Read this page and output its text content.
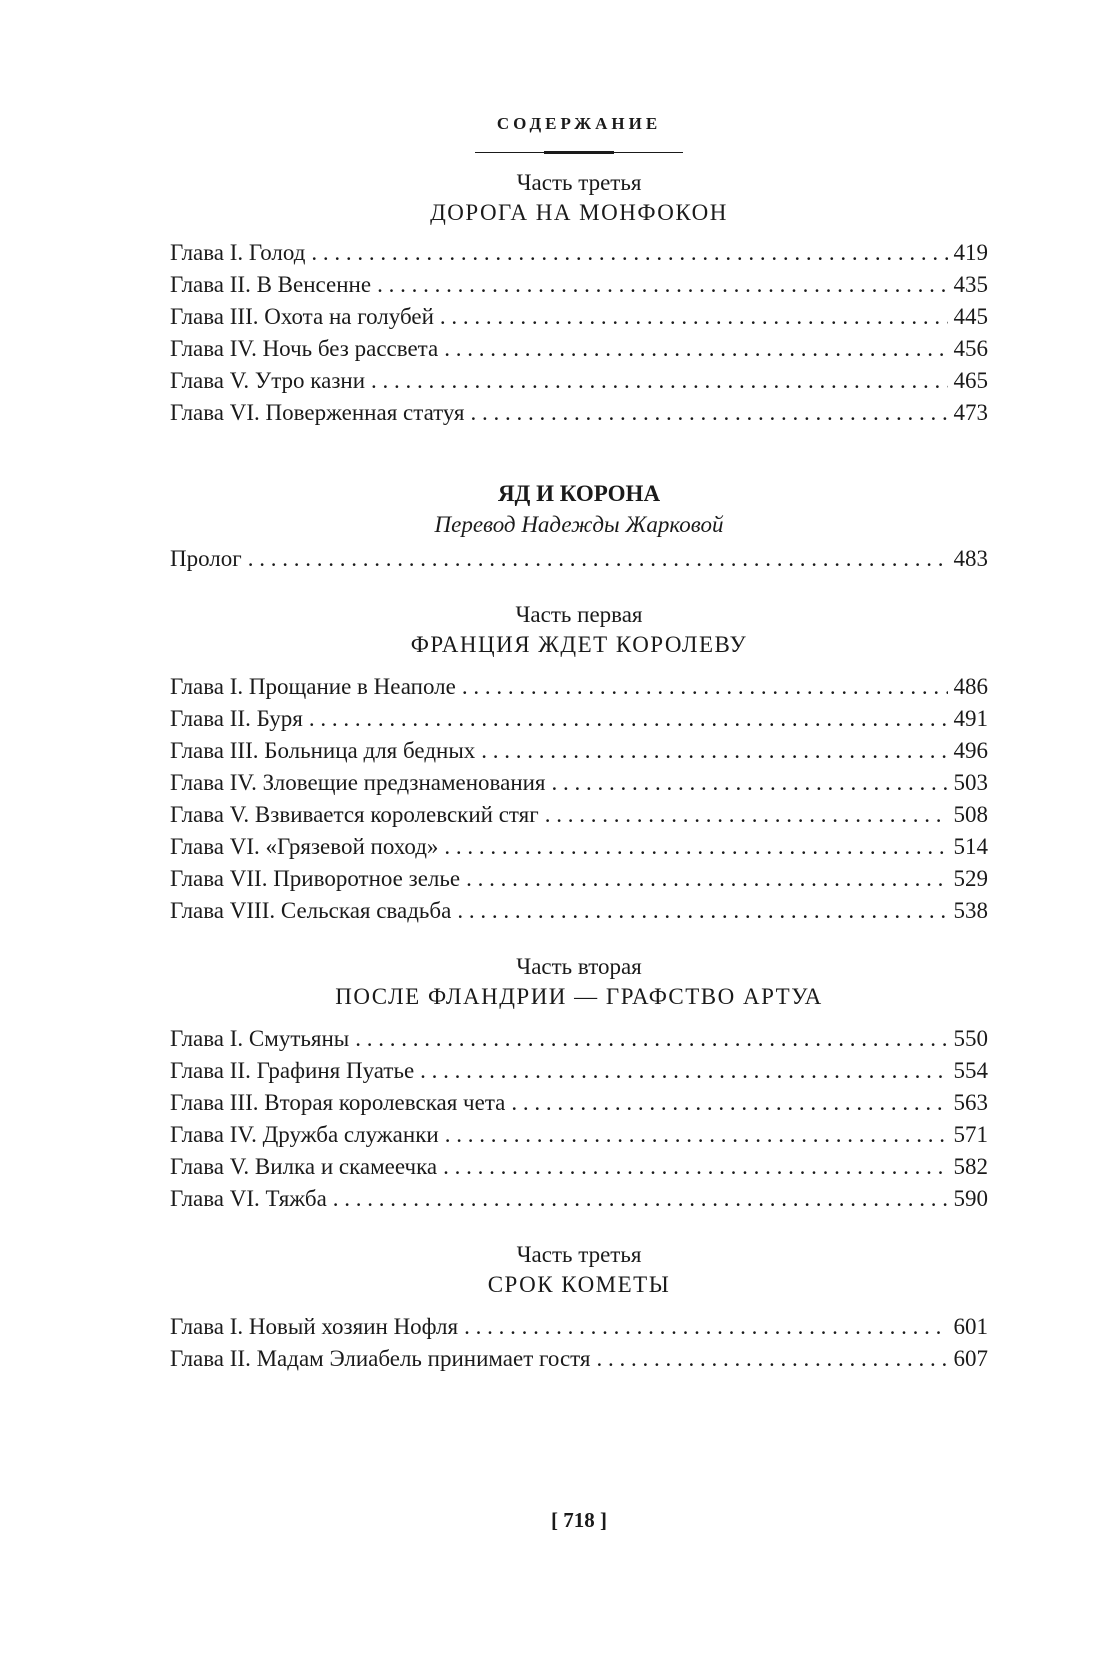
СОДЕРЖАНИЕ
Часть третья
ДОРОГА НА МОНФОКОН
Глава I. Голод . . .	419
Глава II. В Венсенне . . .	435
Глава III. Охота на голубей . . .	445
Глава IV. Ночь без рассвета . . .	456
Глава V. Утро казни . . .	465
Глава VI. Поверженная статуя . . .	473
ЯД И КОРОНА
Перевод Надежды Жарковой
Пролог . . .	483
Часть первая
ФРАНЦИЯ ЖДЕТ КОРОЛЕВУ
Глава I. Прощание в Неаполе . . .	486
Глава II. Буря . . .	491
Глава III. Больница для бедных . . .	496
Глава IV. Зловещие предзнаменования . . .	503
Глава V. Взвивается королевский стяг . . .	508
Глава VI. «Грязевой поход» . . .	514
Глава VII. Приворотное зелье . . .	529
Глава VIII. Сельская свадьба . . .	538
Часть вторая
ПОСЛЕ ФЛАНДРИИ — ГРАФСТВО АРТУА
Глава I. Смутьяны . . .	550
Глава II. Графиня Пуатье . . .	554
Глава III. Вторая королевская чета . . .	563
Глава IV. Дружба служанки . . .	571
Глава V. Вилка и скамеечка . . .	582
Глава VI. Тяжба . . .	590
Часть третья
СРОК КОМЕТЫ
Глава I. Новый хозяин Нофля . . .	601
Глава II. Мадам Элиабель принимает гостя . . .	607
[ 718 ]
